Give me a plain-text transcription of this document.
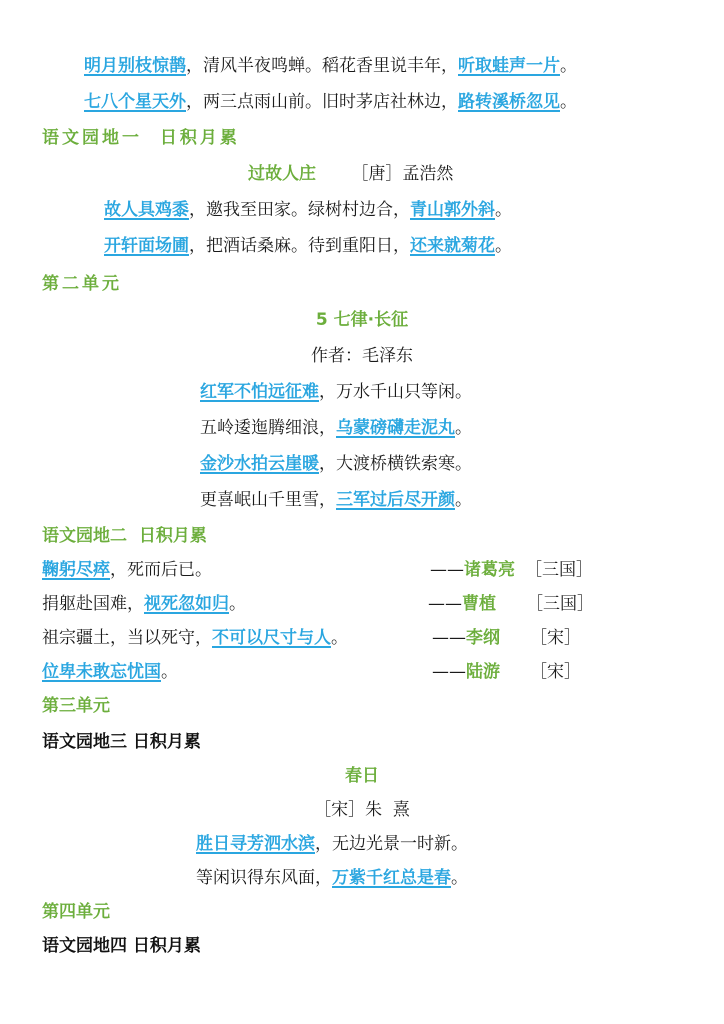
明月别枝惊鹊，清风半夜鸣蝉。稻花香里说丰年，听取蛙声一片。
七八个星天外，两三点雨山前。旧时茅店社林边，路转溪桥忽见。
语文园地一  日积月累
过故人庄 ［唐］孟浩然
故人具鸡黍，邀我至田家。绿树村边合，青山郭外斜。
开轩面场圃，把酒话桑麻。待到重阳日，还来就菊花。
第二单元
5 七律·长征
作者：毛泽东
红军不怕远征难，万水千山只等闲。
五岭逶迤腾细浪，乌蒙磅礴走泥丸。
金沙水拍云崖暖，大渡桥横铁索寒。
更喜岷山千里雪，三军过后尽开颜。
语文园地二  日积月累
鞠躬尽瘁，死而后已。	——诸葛亮 ［三国］
捐躯赴国难，视死忽如归。	——曹植 ［三国］
祖宗疆土，当以死守，不可以尺寸与人。	——李纲 ［宋］
位卑未敢忘忧国。	——陆游 ［宋］
第三单元
语文园地三 日积月累
春日
［宋］朱  熹
胜日寻芳泗水滨，无边光景一时新。
等闲识得东风面，万紫千红总是春。
第四单元
语文园地四 日积月累
